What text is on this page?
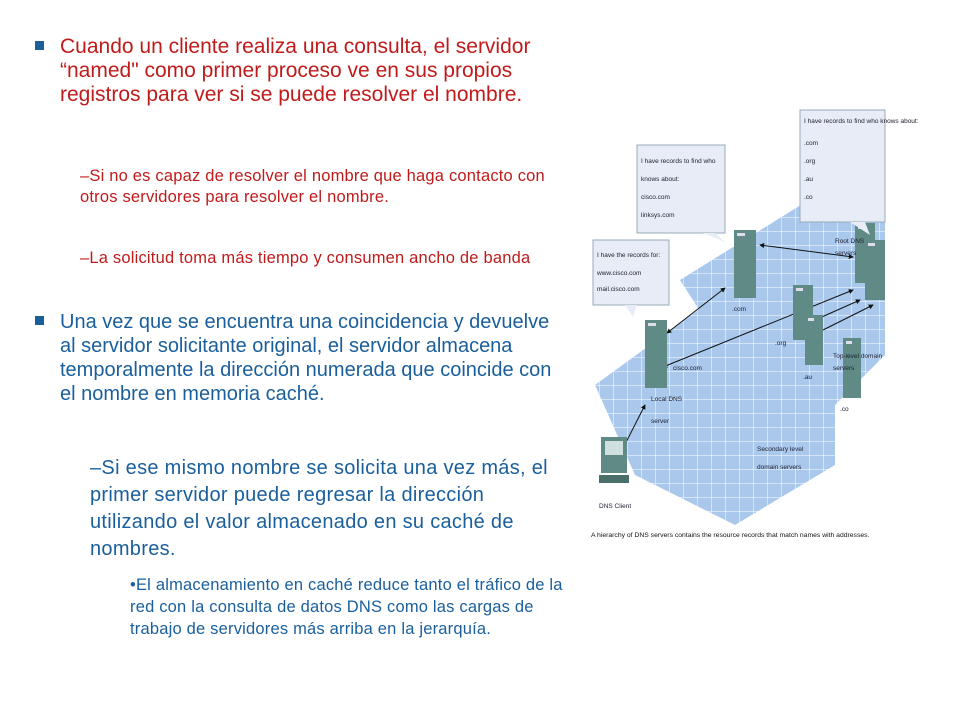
Cuando un cliente realiza una consulta, el servidor “named" como primer proceso ve en sus propios registros para ver si se puede resolver el nombre.
–Si no es capaz de resolver el nombre que haga contacto con otros servidores para resolver el nombre.
–La solicitud toma más tiempo y consumen ancho de banda
Una vez que se encuentra una coincidencia y devuelve al servidor solicitante original, el servidor almacena temporalmente la dirección numerada que coincide con el nombre en memoria caché.
–Si ese mismo nombre se solicita una vez más, el primer servidor puede regresar la dirección utilizando el valor almacenado en su caché de nombres.
•El almacenamiento en caché reduce tanto el tráfico de la red con la consulta de datos DNS como las cargas de trabajo de servidores más arriba en la jerarquía.
I have records to find who knows about:
.com
.org
.au
.co
I have records to find who
knows about:
cisco.com
linksys.com
I have the records for:
www.cisco.com
mail.cisco.com
Root DNS
servers
.com
.org
.au
.co
Top-level domain
servers
cisco.com
Local DNS
server
Secondary level
domain servers
DNS Client
A hierarchy of DNS servers contains the resource records that match names with addresses.
